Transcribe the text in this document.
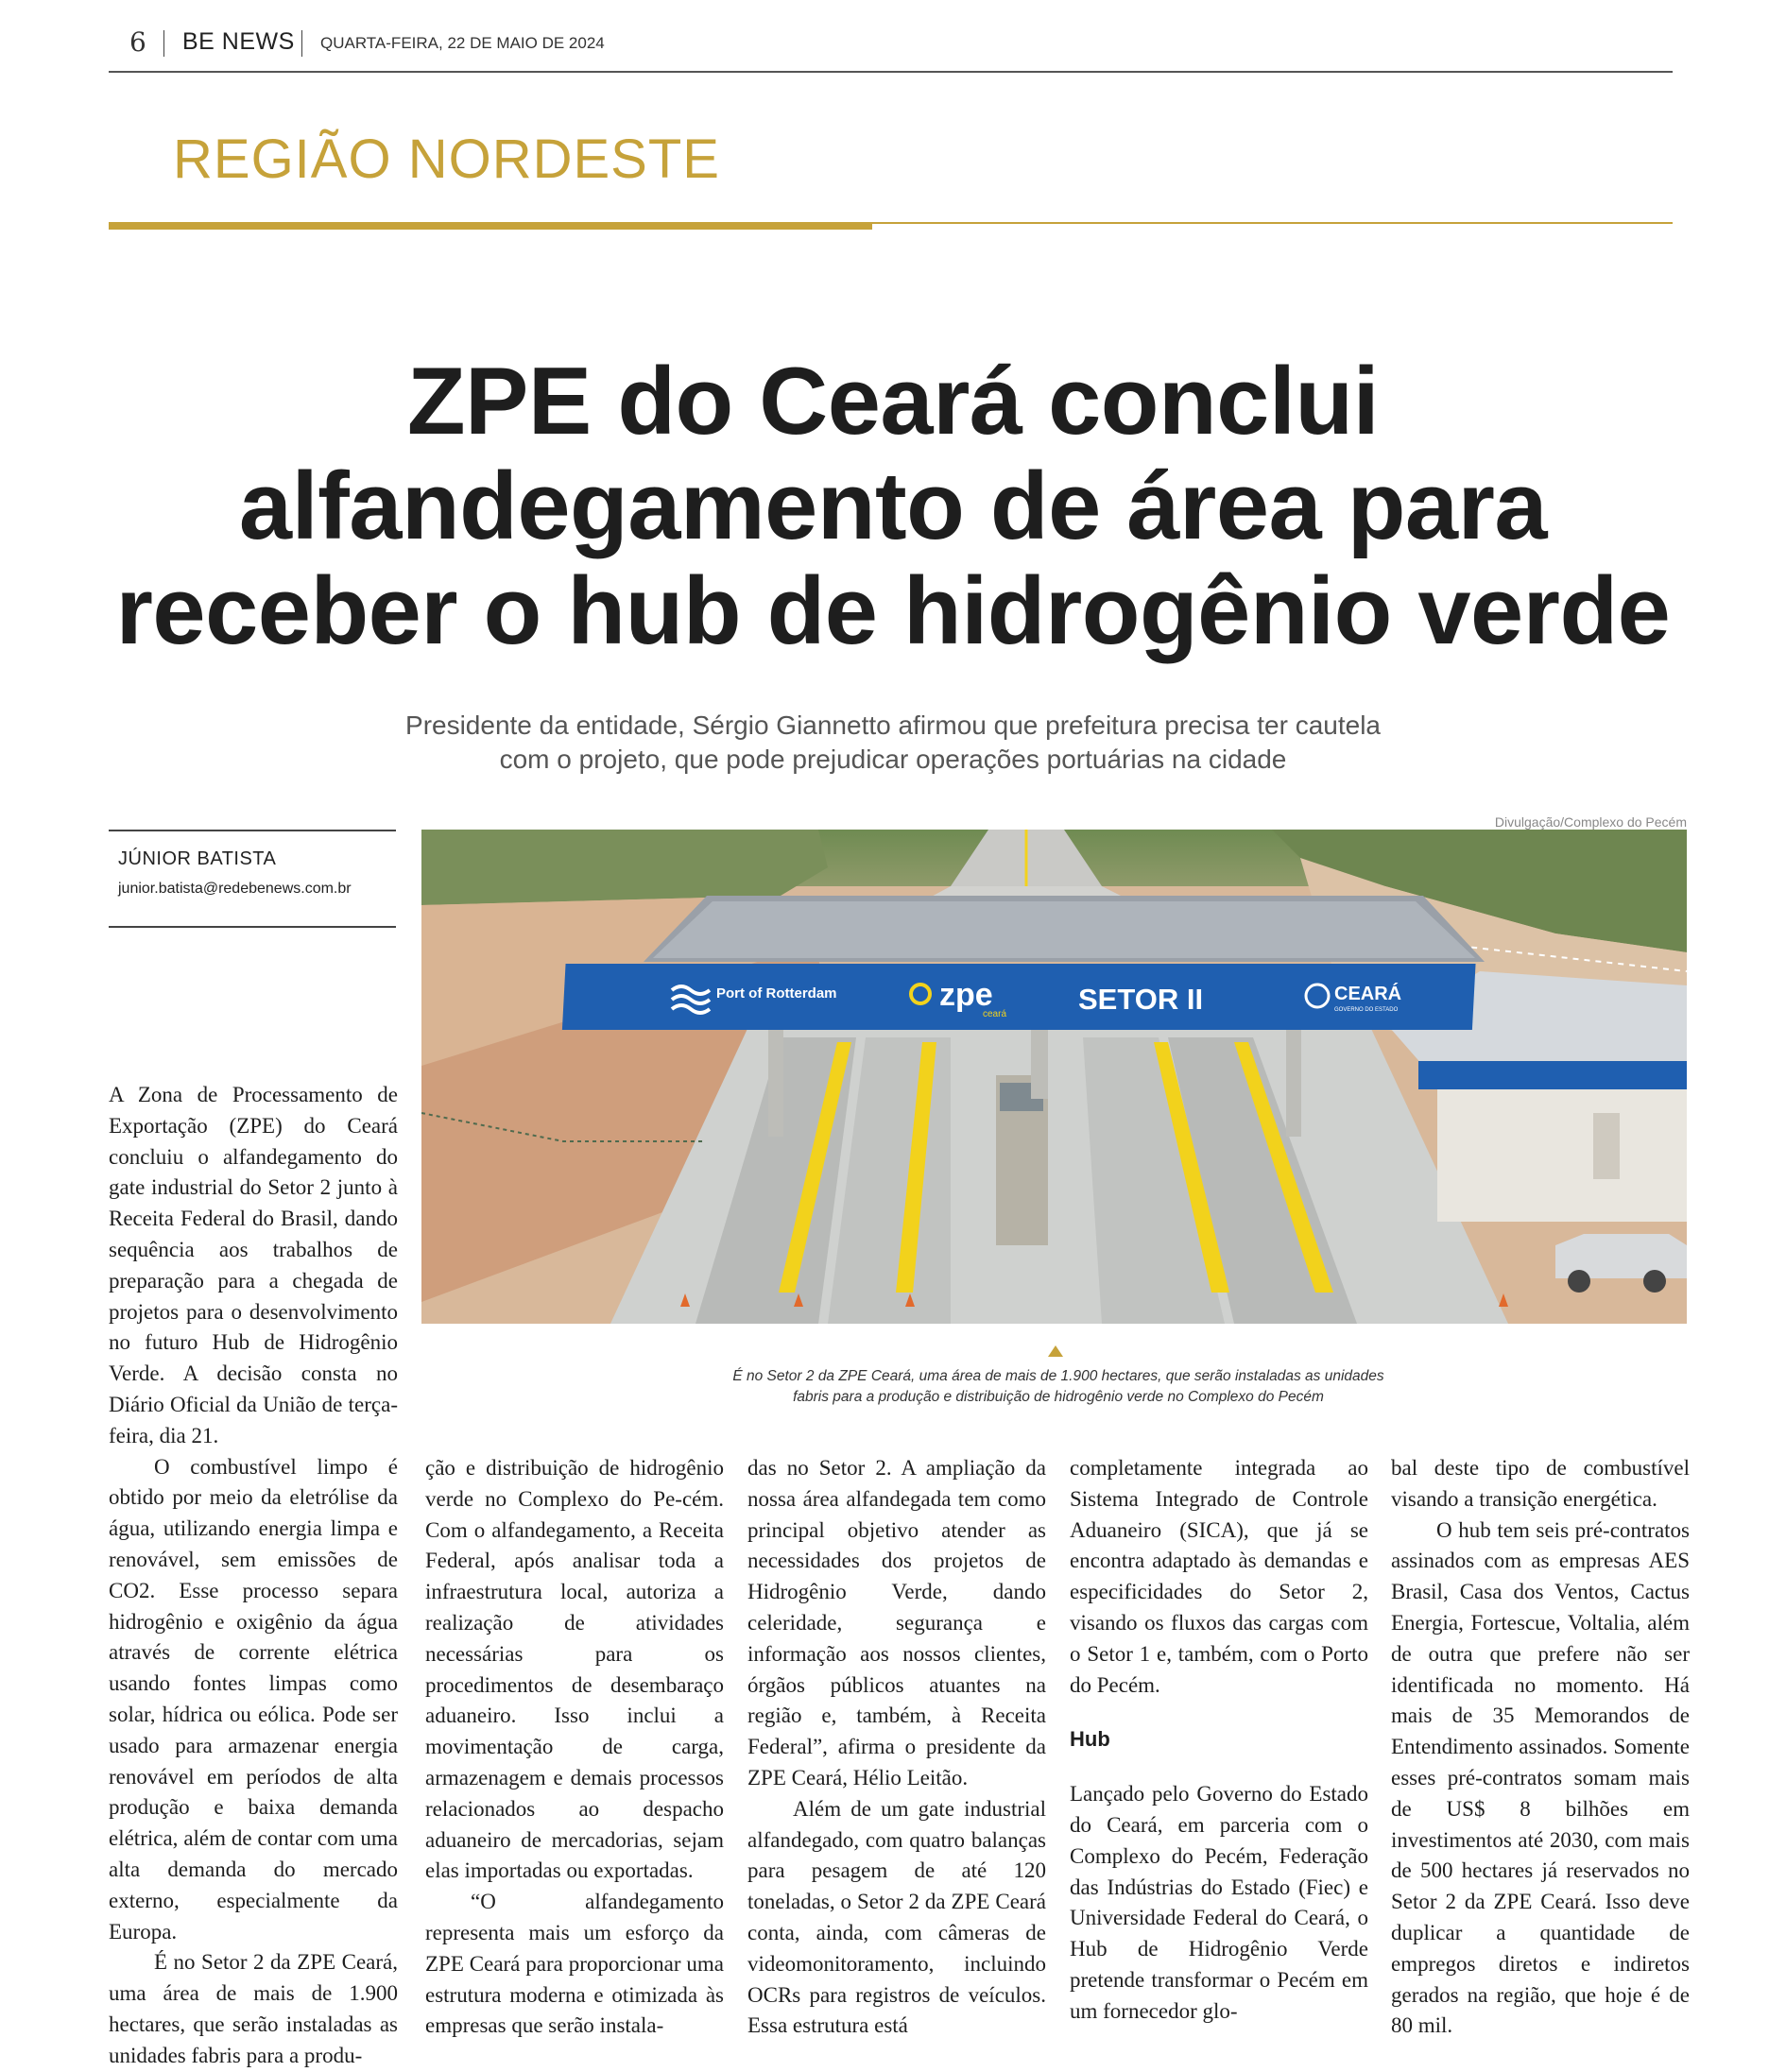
6 BE NEWS QUARTA-FEIRA, 22 DE MAIO DE 2024
REGIÃO NORDESTE
ZPE do Ceará conclui alfandegamento de área para receber o hub de hidrogênio verde
Presidente da entidade, Sérgio Giannetto afirmou que prefeitura precisa ter cautela com o projeto, que pode prejudicar operações portuárias na cidade
Divulgação/Complexo do Pecém
JÚNIOR BATISTA
junior.batista@redebenews.com.br
Port of Rotterdam	zpe
ceará SETOR II	CEARÁ
GOVERNO DO ESTADO
É no Setor 2 da ZPE Ceará, uma área de mais de 1.900 hectares, que serão instaladas as unidades fabris para a produção e distribuição de hidrogênio verde no Complexo do Pecém

A Zona de Processamento de Exportação (ZPE) do Ceará concluiu o alfandegamento do gate industrial do Setor 2 junto à Receita Federal do Brasil, dando sequência aos trabalhos de preparação para a chegada de projetos para o desenvolvimento no futuro Hub de Hidrogênio Verde. A decisão consta no Diário Oficial da União de terça-feira, dia 21.

O combustível limpo é obtido por meio da eletrólise da água, utilizando energia limpa e renovável, sem emissões de CO2. Esse processo separa hidrogênio e oxigênio da água através de corrente elétrica usando fontes limpas como solar, hídrica ou eólica. Pode ser usado para armazenar energia renovável em períodos de alta produção e baixa demanda elétrica, além de contar com uma alta demanda do mercado externo, especialmente da Europa.

É no Setor 2 da ZPE Ceará, uma área de mais de 1.900 hectares, que serão instaladas as unidades fabris para a produ-

ção e distribuição de hidrogênio verde no Complexo do Pe-cém. Com o alfandegamento, a Receita Federal, após analisar toda a infraestrutura local, autoriza a realização de atividades necessárias para os procedimentos de desembaraço aduaneiro. Isso inclui a movimentação de carga, armazenagem e demais processos relacionados ao despacho aduaneiro de mercadorias, sejam elas importadas ou exportadas.

“O alfandegamento representa mais um esforço da ZPE Ceará para proporcionar uma estrutura moderna e otimizada às empresas que serão instala-

das no Setor 2. A ampliação da nossa área alfandegada tem como principal objetivo atender as necessidades dos projetos de Hidrogênio Verde, dando celeridade, segurança e informação aos nossos clientes, órgãos públicos atuantes na região e, também, à Receita Federal”, afirma o presidente da ZPE Ceará, Hélio Leitão.

Além de um gate industrial alfandegado, com quatro balanças para pesagem de até 120 toneladas, o Setor 2 da ZPE Ceará conta, ainda, com câmeras de videomonitoramento, incluindo OCRs para registros de veículos. Essa estrutura está

completamente integrada ao Sistema Integrado de Controle Aduaneiro (SICA), que já se encontra adaptado às demandas e especificidades do Setor 2, visando os fluxos das cargas com o Setor 1 e, também, com o Porto do Pecém.

Hub

Lançado pelo Governo do Estado do Ceará, em parceria com o Complexo do Pecém, Federação das Indústrias do Estado (Fiec) e Universidade Federal do Ceará, o Hub de Hidrogênio Verde pretende transformar o Pecém em um fornecedor glo-

bal deste tipo de combustível visando a transição energética.

O hub tem seis pré-contratos assinados com as empresas AES Brasil, Casa dos Ventos, Cactus Energia, Fortescue, Voltalia, além de outra que prefere não ser identificada no momento. Há mais de 35 Memorandos de Entendimento assinados. Somente esses pré-contratos somam mais de US$ 8 bilhões em investimentos até 2030, com mais de 500 hectares já reservados no Setor 2 da ZPE Ceará. Isso deve duplicar a quantidade de empregos diretos e indiretos gerados na região, que hoje é de 80 mil.
